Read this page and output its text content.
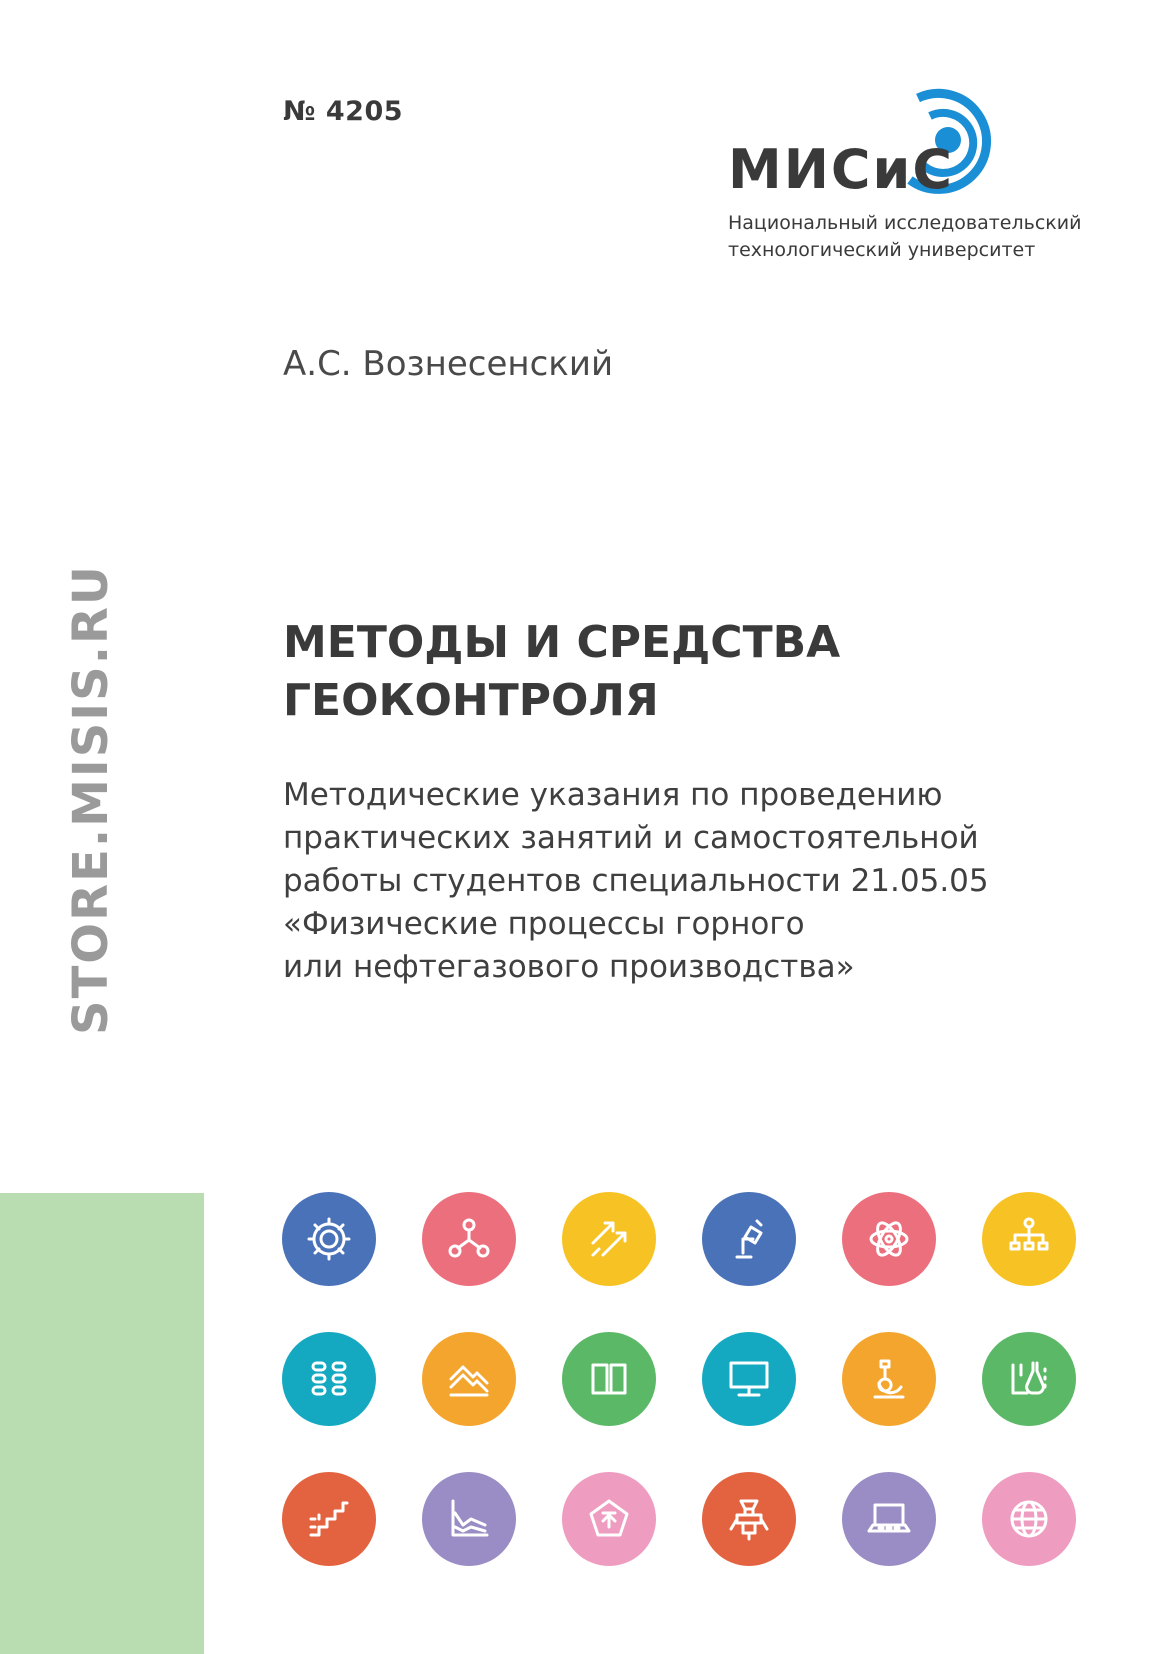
№ 4205
МИСиС
Национальный исследовательский
технологический университет
А.С. Вознесенский
STORE.MISIS.RU	МЕТОДЫ И СРЕДСТВА
ГЕОКОНТРОЛЯ
Методические указания по проведению
практических занятий и самостоятельной
работы студентов специальности 21.05.05
«Физические процессы горного
или нефтегазового производства»
